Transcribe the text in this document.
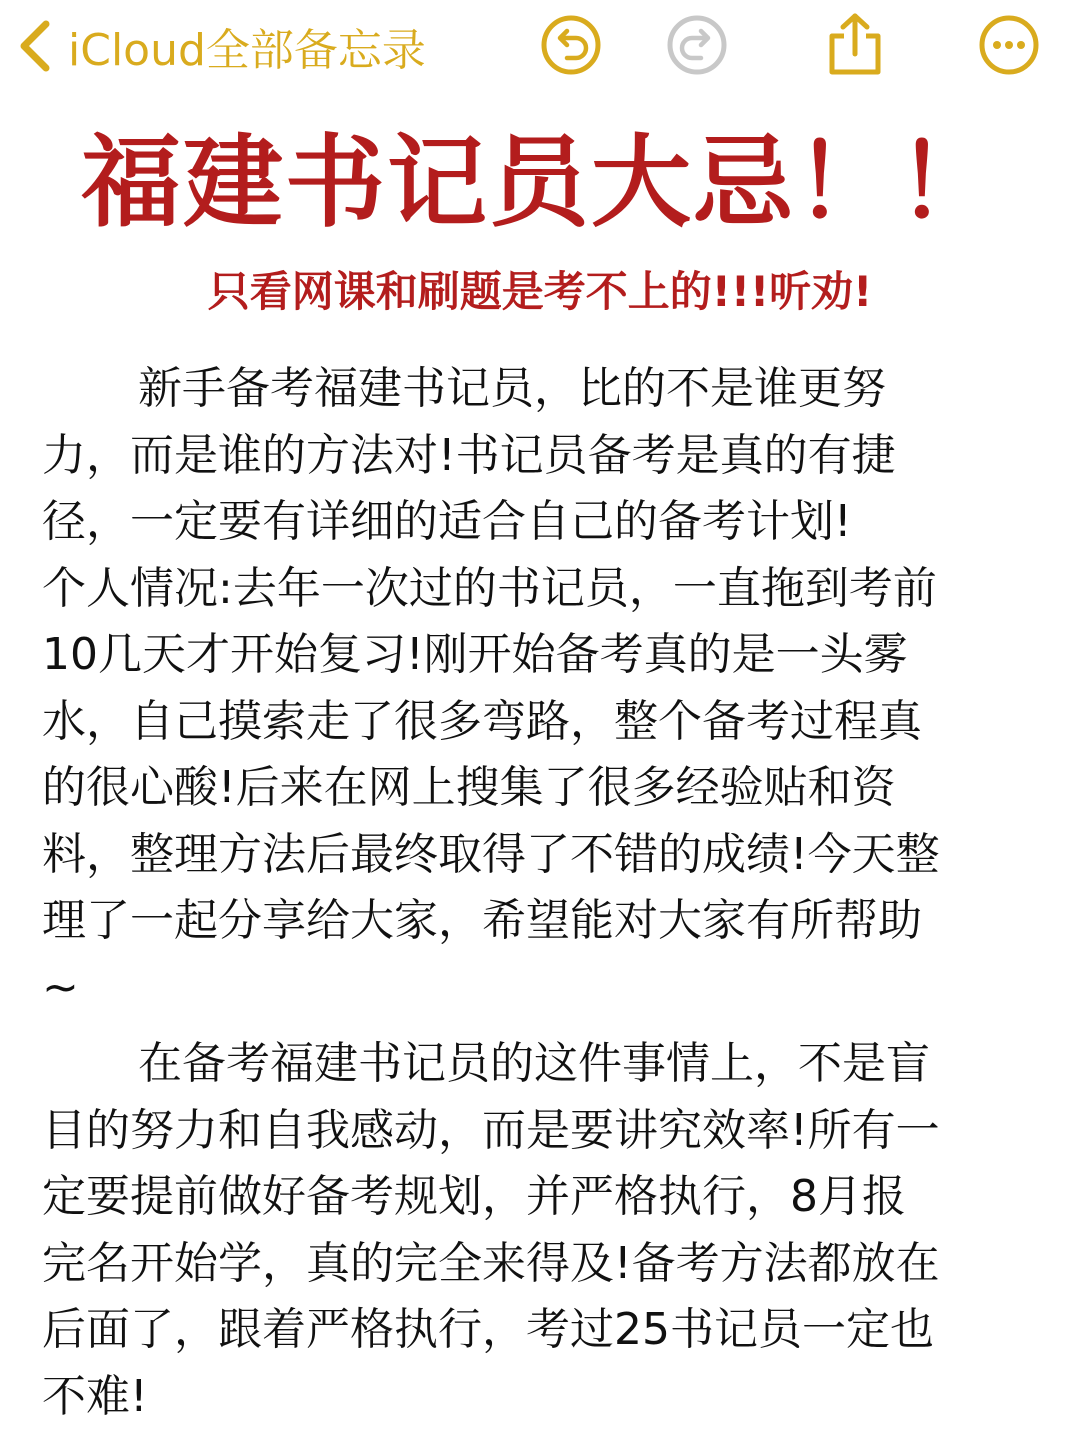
iCloud全部备忘录
福建书记员大忌！！
只看网课和刷题是考不上的!!!听劝!
新手备考福建书记员，比的不是谁更努
力，而是谁的方法对!书记员备考是真的有捷
径，一定要有详细的适合自己的备考计划!
个人情况:去年一次过的书记员，一直拖到考前
10几天才开始复习!刚开始备考真的是一头雾
水，自己摸索走了很多弯路，整个备考过程真
的很心酸!后来在网上搜集了很多经验贴和资
料，整理方法后最终取得了不错的成绩!今天整
理了一起分享给大家，希望能对大家有所帮助
~
在备考福建书记员的这件事情上，不是盲
目的努力和自我感动，而是要讲究效率!所有一
定要提前做好备考规划，并严格执行，8月报
完名开始学，真的完全来得及!备考方法都放在
后面了，跟着严格执行，考过25书记员一定也
不难!
